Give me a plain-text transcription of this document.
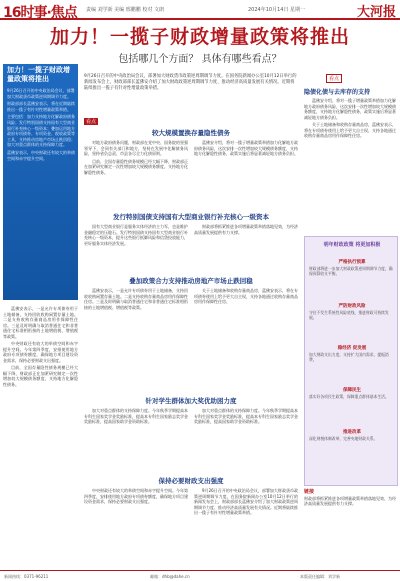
16时事·焦点 责编 刘学新 美编 邢鹏鹏 校对 文朗	2024年10月14日 星期一	大河报
加力！一揽子财政增量政策将推出
包括哪几个方面？ 具体有哪些看点？
加力！一揽子财政增量政策将推出

9月26日召开的中央政治局会议，部署加大财政货币政策逆周期调节力度。

财政部部长蓝佛安表示，将在近期陆续推出一揽子有针对性增量政策举措。

主要包括：加力支持地方化解政府债务风险；发行特别国债支持国有大型商业银行补充核心一级资本；叠加运用地方政府专项债券、专项资金、税收政策等工具，支持推动房地产市场止跌回稳；加大对重点群体的支持保障力度。

蓝佛安表示，中央财政还有较大的举债空间和赤字提升空间。

9月26日召开的中央政治局会议，部署加大财政货币政策逆周期调节力度。在国务院新闻办公室10月12日举行的新闻发布会上，财政部部长蓝佛安介绍了加大财政政策逆周期调节力度、推动经济高质量发展有关情况。近期将陆续推出一揽子有针对性增量政策举措。
看点
较大规模置换存量隐性债务

对地方政府债务问题，财政部在党中央、国务院的坚强领导下，会同有关部门和地方，坚持在发展中化解债务风险，坚持省负总责、市县各尽全力化债原则。

目前，全国存量隐性债务规模已经大幅下降，财政部正在加紧研究制定一次性增加较大规模债务额度，支持地方化解隐性债务。

蓝佛安介绍，将对一揽子增量政策举措加力化解地方政府债务风险，这次安排一次性增加较大规模债务额度，支持地方化解隐性债务，政策实施后将显著减轻地方债务负担。

发行特别国债支持国有大型商业银行补充核心一级资本

国有大型商业银行是服务实体经济的主力军，也是维护金融稳定的压舱石。发行特别国债支持国有大型商业银行补充核心一级资本，提升这些银行抵御风险和信贷投放能力，更好服务实体经济发展。

财政部将抓紧推进各项增量政策举措落地见效，为经济高质量发展提供有力支撑。

叠加政策合力支持推动房地产市场止跌回稳

蓝佛安表示，一是允许专项债券用于土地储备，支持回收收购闲置存量土地。二是支持收购存量商品房用作保障性住房。三是及时明确与取消普通住宅和非普通住宅标准相衔接的土地增值税、增值税等政策。

关于土地储备和收购存量商品房，蓝佛安表示，将在专项债券使用上给予更大自主权，支持各地通过收购存量商品房用作保障性住房。

蓝佛安表示，一是允许专项债券用于土地储备，支持回收收购闲置存量土地。二是支持收购存量商品房用作保障性住房。三是及时明确与取消普通住宅和非普通住宅标准相衔接的土地增值税、增值税等政策。

中央财政还有较大的举债空间和赤字提升空间。今年第四季度，安排使用地方政府专项债券额度，确保地方项目建设资金需求，保持必要财政支出强度。

目前，全国存量隐性债务规模已经大幅下降，财政部正在加紧研究制定一次性增加较大规模债务额度，支持地方化解隐性债务。

针对学生群体加大奖优助困力度

加大对重点群体的支持保障力度。今年秋季学期提高本专科生国家奖学金奖励标准，提高本专科生国家励志奖学金奖励标准，提高国家助学金资助标准。

加大对重点群体的支持保障力度。今年秋季学期提高本专科生国家奖学金奖励标准，提高本专科生国家励志奖学金奖励标准，提高国家助学金资助标准。

保持必要财政支出强度

中央财政还有较大的举债空间和赤字提升空间。今年第四季度，安排使用地方政府专项债券额度，确保地方项目建设资金需求，保持必要财政支出强度。

9月26日召开的中央政治局会议，部署加大财政货币政策逆周期调节力度。在国务院新闻办公室10月12日举行的新闻发布会上，财政部部长蓝佛安介绍了加大财政政策逆周期调节力度、推动经济高质量发展有关情况。近期将陆续推出一揽子有针对性增量政策举措。

看点
隐债化债与去库存的支持

蓝佛安介绍，将对一揽子增量政策举措加力化解地方政府债务风险，这次安排一次性增加较大规模债务额度，支持地方化解隐性债务，政策实施后将显著减轻地方债务负担。

关于土地储备和收购存量商品房，蓝佛安表示，将在专项债券使用上给予更大自主权，支持各地通过收购存量商品房用作保障性住房。

明年财政政策 将更加积极
严格执行预算
财政部将进一步加大财政政策逆周期调节力度，确保预算收支平衡。
严防财政风险
守住不发生系统性风险底线，推进财政可持续发展。
稳经济 促发展
加大财政支出力度，支持扩大国内需求，提振消费。
保障民生
落实好各项民生政策，保障重点群体基本生活。
推进改革
深化财税体制改革，完善央地财政关系。
链接
财政部将抓紧推进各项增量政策举措落地见效，为经济高质量发展提供有力支撑。
新闻热线：0371-96211	邮箱：dhb@dahe.cn	本版责任编辑：刘学新
